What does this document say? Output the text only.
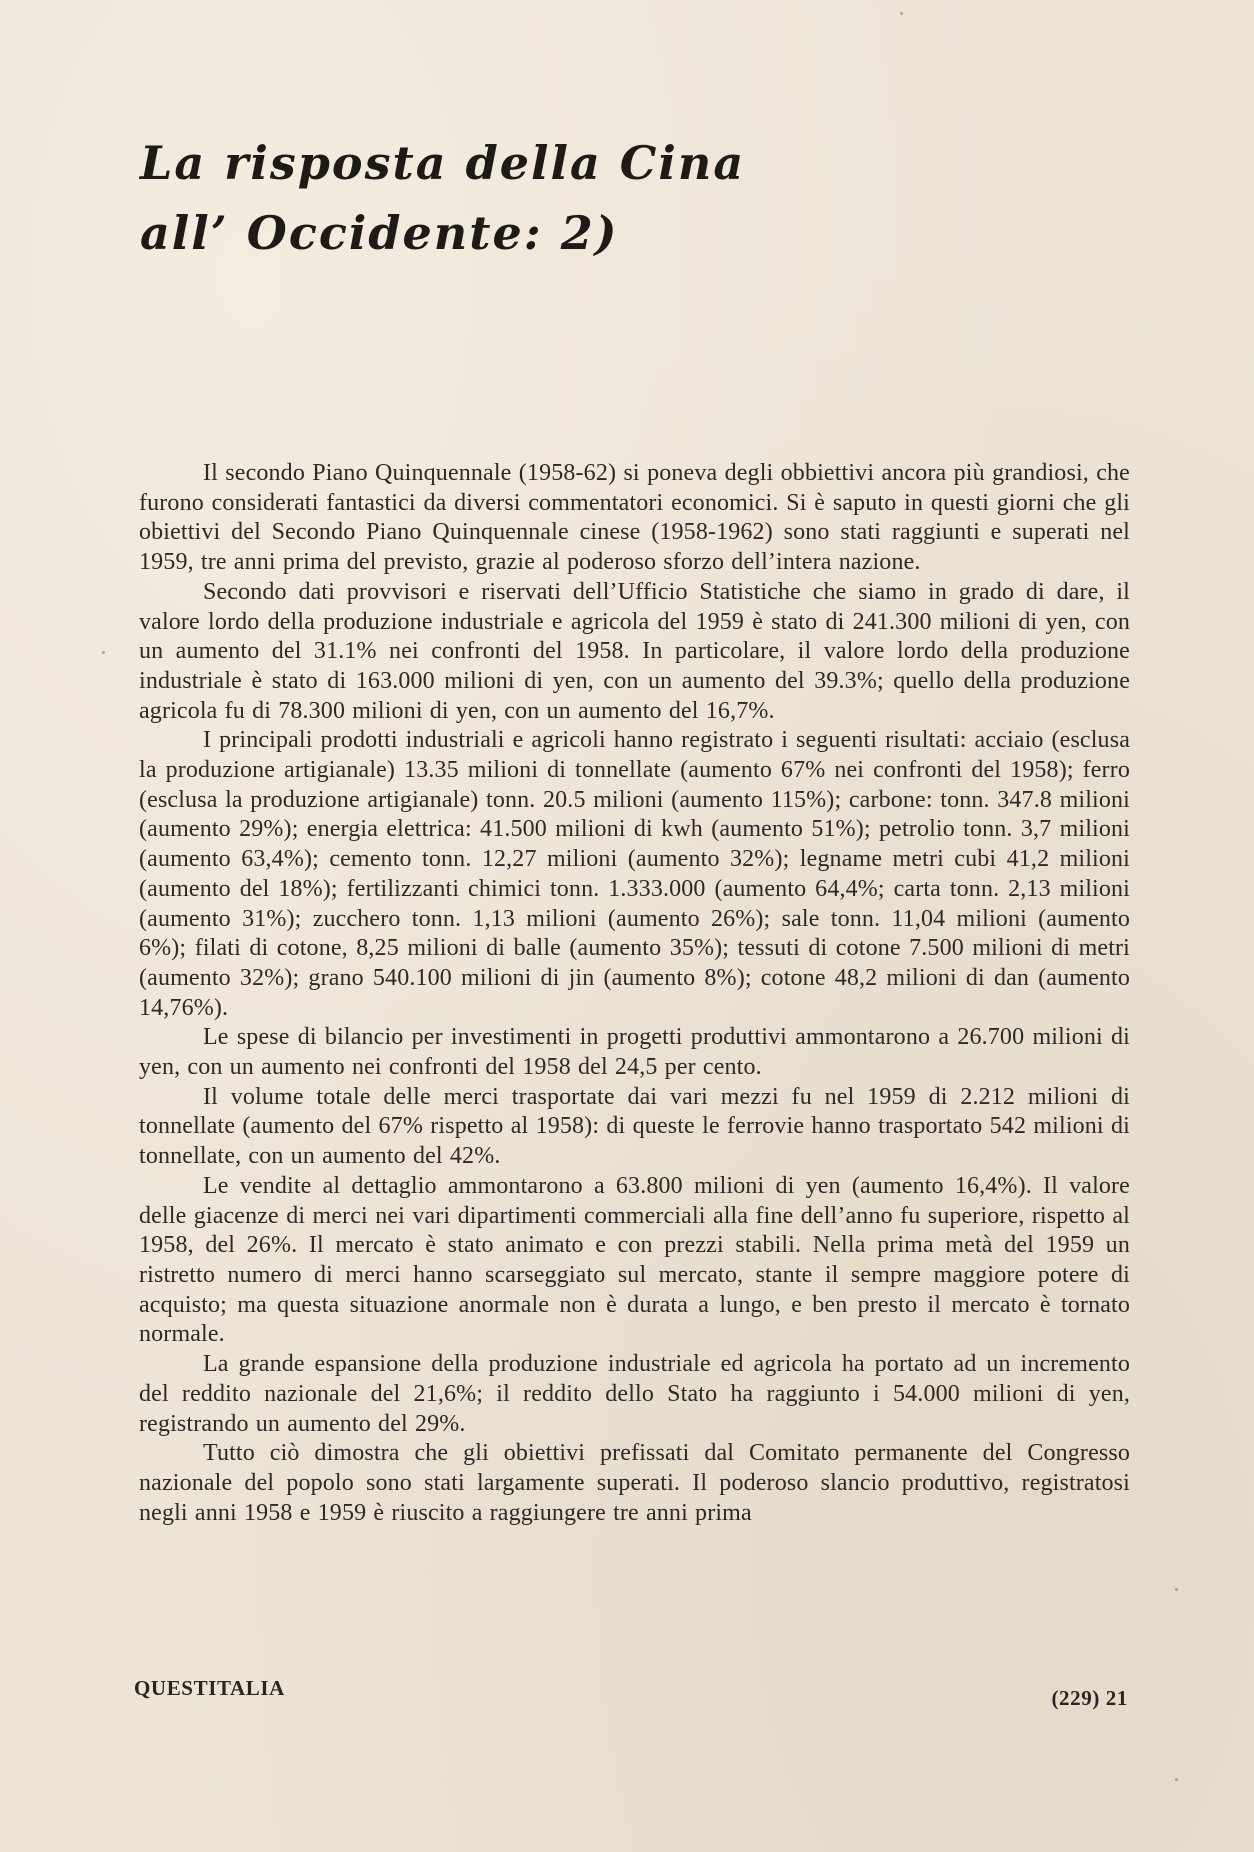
La risposta della Cina
all’ Occidente: 2)

Il secondo Piano Quinquennale (1958-62) si poneva degli obbiettivi ancora più grandiosi, che furono considerati fantastici da diversi commentatori economici. Si è saputo in questi giorni che gli obiettivi del Secondo Piano Quinquennale cinese (1958-1962) sono stati raggiunti e superati nel 1959, tre anni prima del previsto, grazie al poderoso sforzo dell’intera nazione.

Secondo dati provvisori e riservati dell’Ufficio Statistiche che siamo in grado di dare, il valore lordo della produzione industriale e agricola del 1959 è stato di 241.300 milioni di yen, con un aumento del 31.1% nei confronti del 1958. In particolare, il valore lordo della produzione industriale è stato di 163.000 milioni di yen, con un aumento del 39.3%; quello della produzione agricola fu di 78.300 milioni di yen, con un aumento del 16,7%.

I principali prodotti industriali e agricoli hanno registrato i seguenti risultati: acciaio (esclusa la produzione artigianale) 13.35 milioni di tonnellate (aumento 67% nei confronti del 1958); ferro (esclusa la produzione artigianale) tonn. 20.5 milioni (aumento 115%); carbone: tonn. 347.8 milioni (aumento 29%); energia elettrica: 41.500 milioni di kwh (aumento 51%); petrolio tonn. 3,7 milioni (aumento 63,4%); cemento tonn. 12,27 milioni (aumento 32%); legname metri cubi 41,2 milioni (aumento del 18%); fertilizzanti chimici tonn. 1.333.000 (aumento 64,4%; carta tonn. 2,13 milioni (aumento 31%); zucchero tonn. 1,13 milioni (aumento 26%); sale tonn. 11,04 milioni (aumento 6%); filati di cotone, 8,25 milioni di balle (aumento 35%); tessuti di cotone 7.500 milioni di metri (aumento 32%); grano 540.100 milioni di jin (aumento 8%); cotone 48,2 milioni di dan (aumento 14,76%).

Le spese di bilancio per investimenti in progetti produttivi ammontarono a 26.700 milioni di yen, con un aumento nei confronti del 1958 del 24,5 per cento.

Il volume totale delle merci trasportate dai vari mezzi fu nel 1959 di 2.212 milioni di tonnellate (aumento del 67% rispetto al 1958): di queste le ferrovie hanno trasportato 542 milioni di tonnellate, con un aumento del 42%.

Le vendite al dettaglio ammontarono a 63.800 milioni di yen (aumento 16,4%). Il valore delle giacenze di merci nei vari dipartimenti commerciali alla fine dell’anno fu superiore, rispetto al 1958, del 26%. Il mercato è stato animato e con prezzi stabili. Nella prima metà del 1959 un ristretto numero di merci hanno scarseggiato sul mercato, stante il sempre maggiore potere di acquisto; ma questa situazione anormale non è durata a lungo, e ben presto il mercato è tornato normale.

La grande espansione della produzione industriale ed agricola ha portato ad un incremento del reddito nazionale del 21,6%; il reddito dello Stato ha raggiunto i 54.000 milioni di yen, registrando un aumento del 29%.

Tutto ciò dimostra che gli obiettivi prefissati dal Comitato permanente del Congresso nazionale del popolo sono stati largamente superati. Il poderoso slancio produttivo, registratosi negli anni 1958 e 1959 è riuscito a raggiungere tre anni prima

QUESTITALIA	(229) 21
